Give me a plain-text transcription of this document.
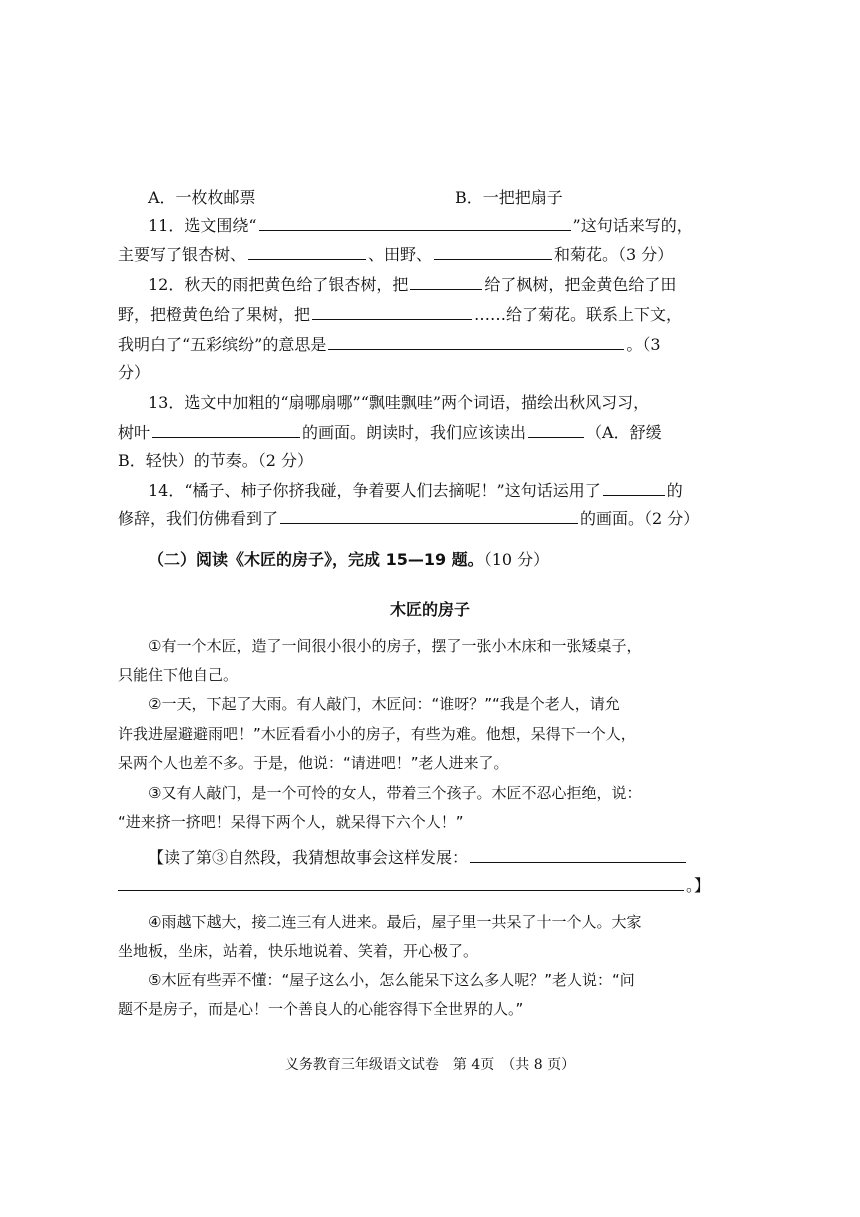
A．一枚枚邮票	B．一把把扇子
11．选文围绕“	”这句话来写的，
主要写了银杏树、	、田野、	和菊花。（3 分）
12．秋天的雨把黄色给了银杏树，把	给了枫树，把金黄色给了田
野，把橙黄色给了果树，把	……给了菊花。联系上下文，
我明白了“五彩缤纷”的意思是	。（3
分）
13．选文中加粗的“扇哪扇哪”“飘哇飘哇”两个词语，描绘出秋风习习，
树叶	的画面。朗读时，我们应该读出	（A．舒缓
B．轻快）的节奏。（2 分）
14．“橘子、柿子你挤我碰，争着要人们去摘呢！”这句话运用了	的
修辞，我们仿佛看到了	的画面。（2 分）
（二）阅读《木匠的房子》，完成 15—19 题。（10 分）
木匠的房子
①有一个木匠，造了一间很小很小的房子，摆了一张小木床和一张矮桌子，
只能住下他自己。
②一天，下起了大雨。有人敲门，木匠问：“谁呀？”“我是个老人，请允
许我进屋避避雨吧！”木匠看看小小的房子，有些为难。他想，呆得下一个人，
呆两个人也差不多。于是，他说：“请进吧！”老人进来了。
③又有人敲门，是一个可怜的女人，带着三个孩子。木匠不忍心拒绝，说：
“进来挤一挤吧！呆得下两个人，就呆得下六个人！”
【读了第③自然段，我猜想故事会这样发展：
。】
④雨越下越大，接二连三有人进来。最后，屋子里一共呆了十一个人。大家
坐地板，坐床，站着，快乐地说着、笑着，开心极了。
⑤木匠有些弄不懂：“屋子这么小，怎么能呆下这么多人呢？”老人说：“问
题不是房子，而是心！一个善良人的心能容得下全世界的人。”
义务教育三年级语文试卷　第 4页　（共 8 页）
